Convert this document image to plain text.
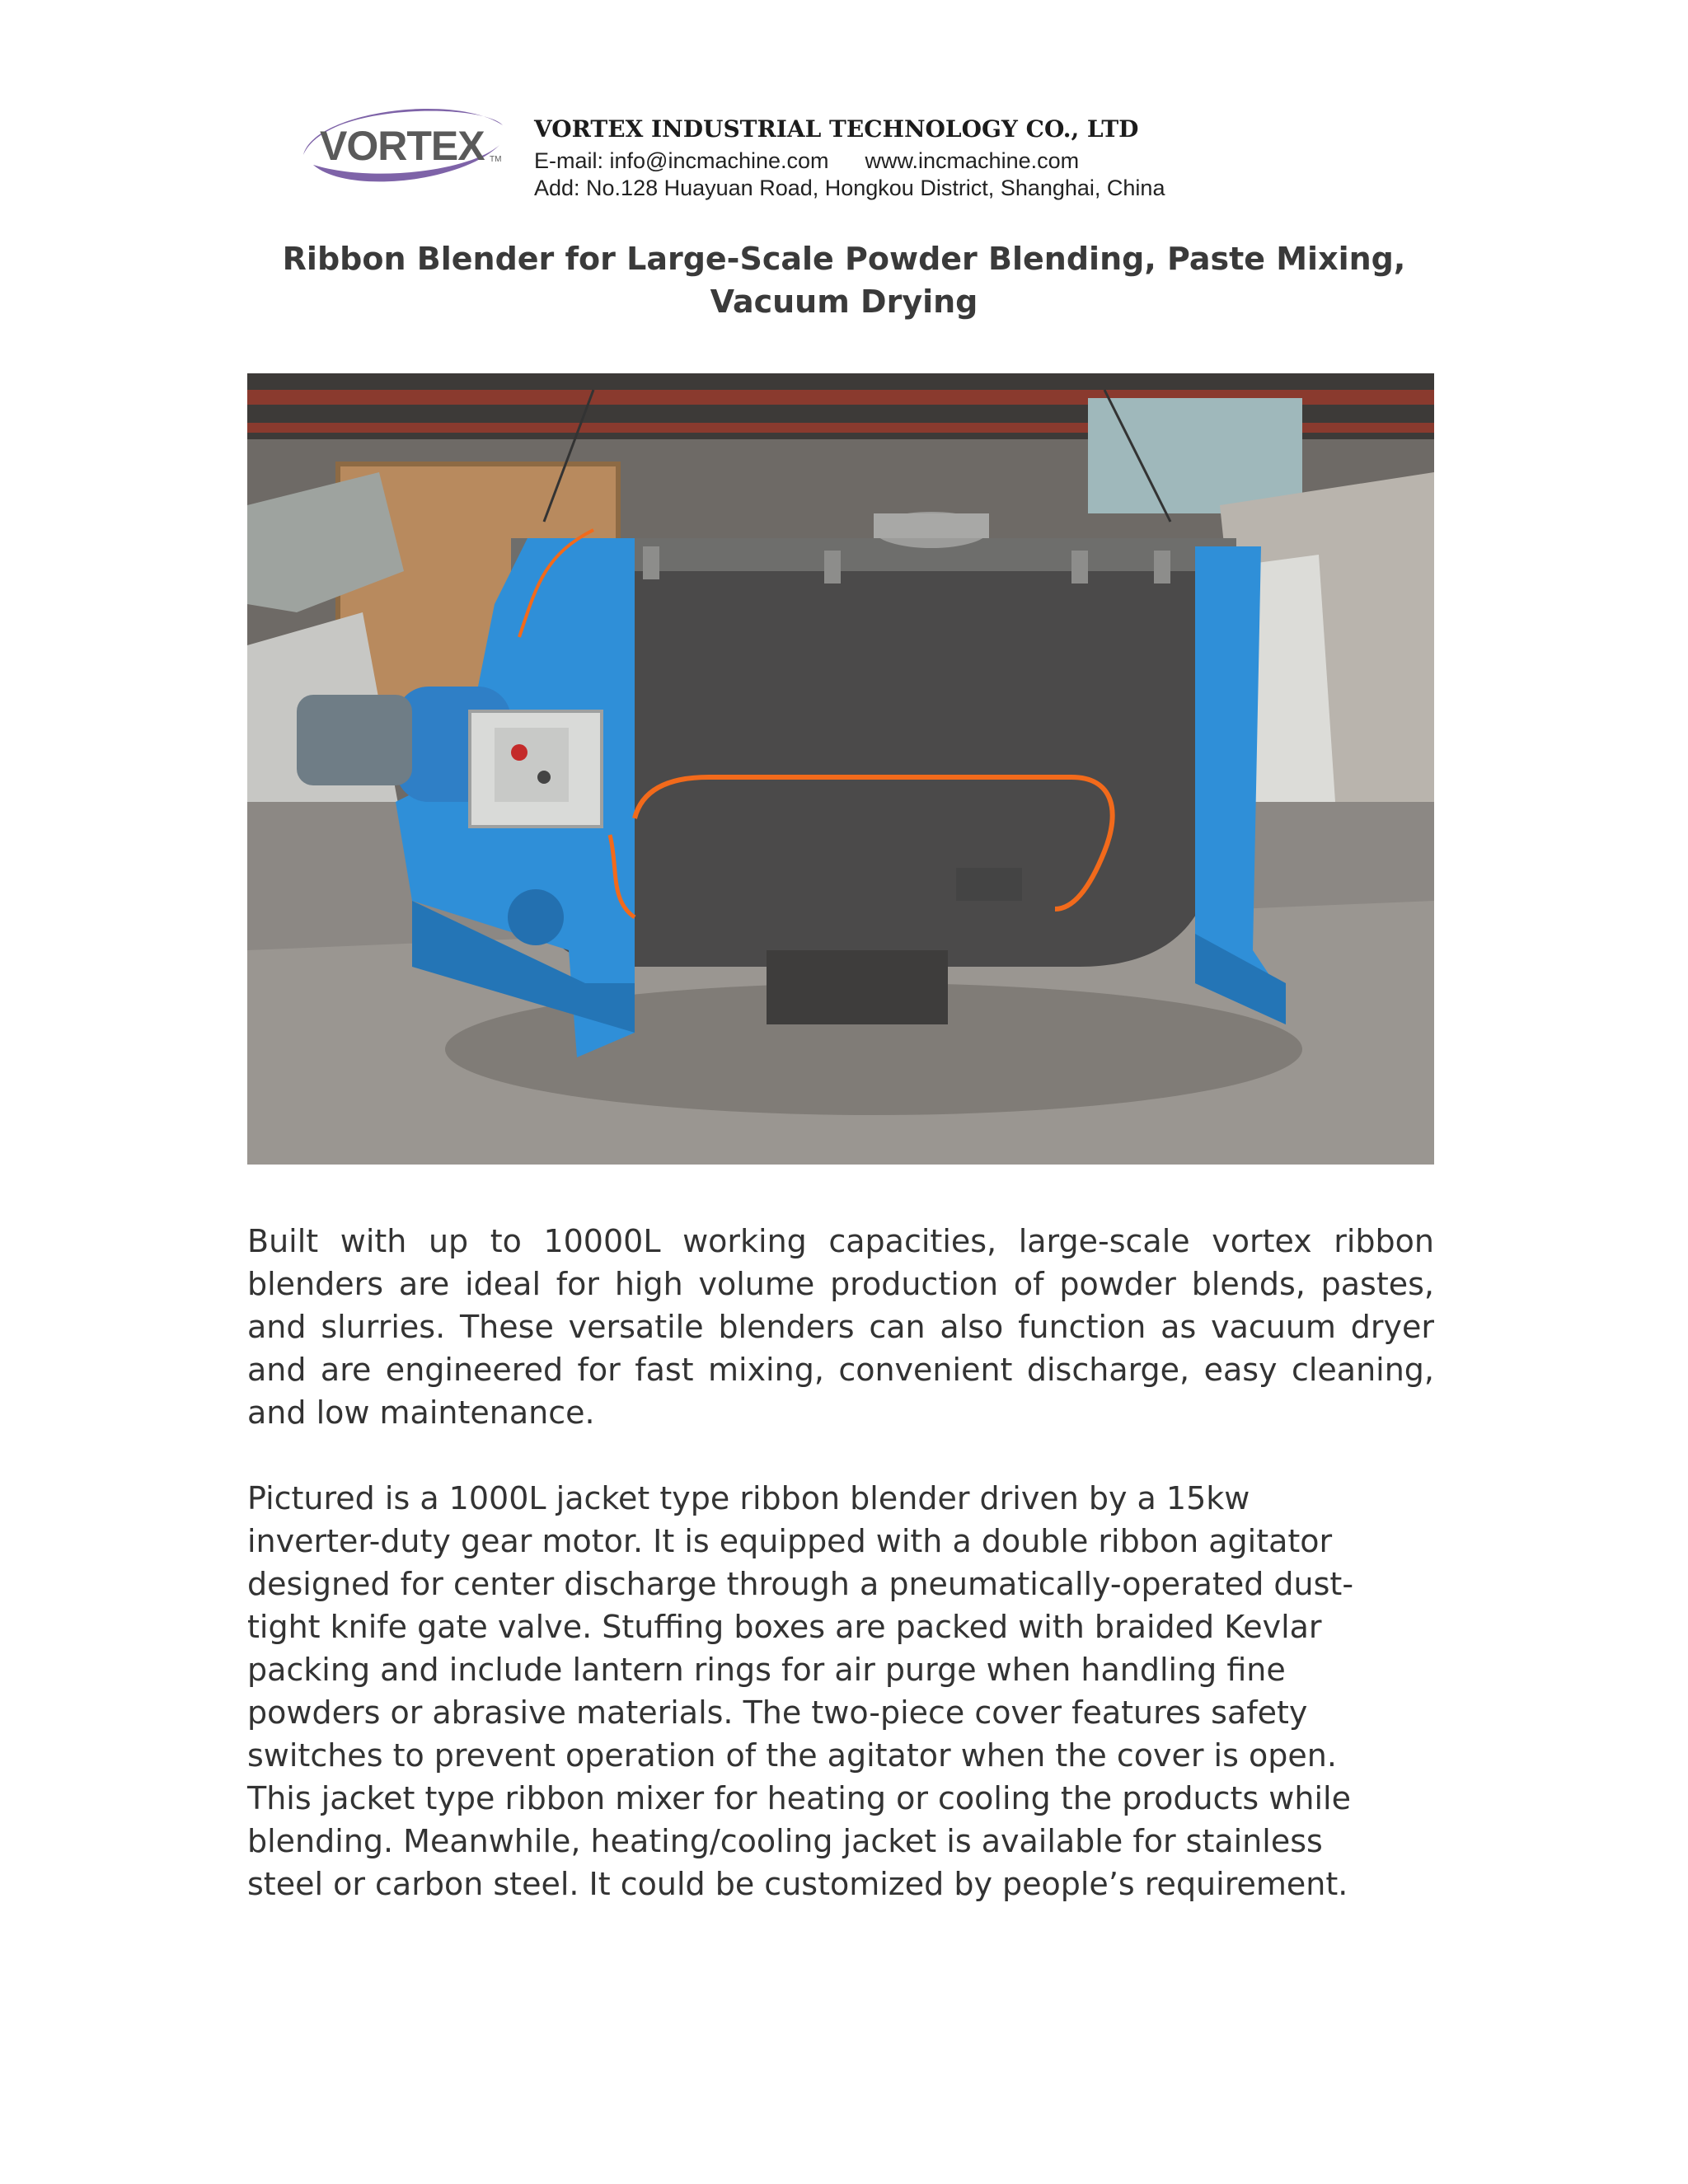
VORTEX TM
VORTEX INDUSTRIAL TECHNOLOGY CO., LTD
E-mail: info@incmachine.com www.incmachine.com
Add: No.128 Huayuan Road, Hongkou District, Shanghai, China
Ribbon Blender for Large-Scale Powder Blending, Paste Mixing,
Vacuum Drying
Built with up to 10000L working capacities, large-scale vortex ribbon
blenders are ideal for high volume production of powder blends, pastes,
and slurries. These versatile blenders can also function as vacuum dryer
and are engineered for fast mixing, convenient discharge, easy cleaning,
and low maintenance.
Pictured is a 1000L jacket type ribbon blender driven by a 15kw
inverter-duty gear motor. It is equipped with a double ribbon agitator
designed for center discharge through a pneumatically-operated dust-
tight knife gate valve. Stuffing boxes are packed with braided Kevlar
packing and include lantern rings for air purge when handling fine
powders or abrasive materials. The two-piece cover features safety
switches to prevent operation of the agitator when the cover is open.
This jacket type ribbon mixer for heating or cooling the products while
blending. Meanwhile, heating/cooling jacket is available for stainless
steel or carbon steel. It could be customized by people’s requirement.
